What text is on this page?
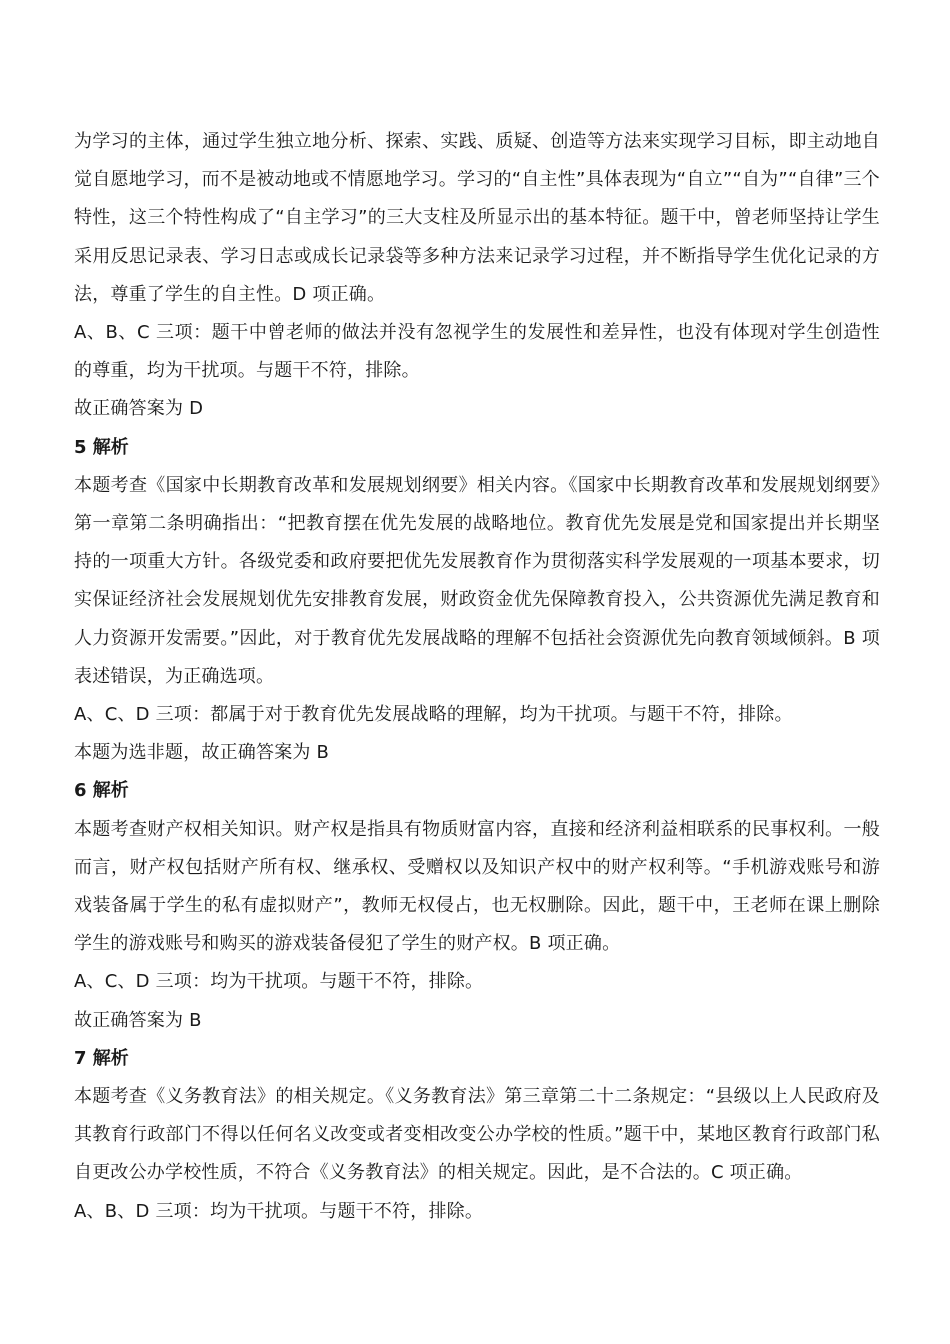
为学习的主体，通过学生独立地分析、探索、实践、质疑、创造等方法来实现学习目标，即主动地自觉自愿地学习，而不是被动地或不情愿地学习。学习的“自主性”具体表现为“自立”“自为”“自律”三个特性，这三个特性构成了“自主学习”的三大支柱及所显示出的基本特征。题干中，曾老师坚持让学生采用反思记录表、学习日志或成长记录袋等多种方法来记录学习过程，并不断指导学生优化记录的方法，尊重了学生的自主性。D 项正确。

A、B、C 三项：题干中曾老师的做法并没有忽视学生的发展性和差异性，也没有体现对学生创造性的尊重，均为干扰项。与题干不符，排除。

故正确答案为 D

5 解析

本题考查《国家中长期教育改革和发展规划纲要》相关内容。《国家中长期教育改革和发展规划纲要》第一章第二条明确指出：“把教育摆在优先发展的战略地位。教育优先发展是党和国家提出并长期坚持的一项重大方针。各级党委和政府要把优先发展教育作为贯彻落实科学发展观的一项基本要求，切实保证经济社会发展规划优先安排教育发展，财政资金优先保障教育投入，公共资源优先满足教育和人力资源开发需要。”因此，对于教育优先发展战略的理解不包括社会资源优先向教育领域倾斜。B 项表述错误，为正确选项。

A、C、D 三项：都属于对于教育优先发展战略的理解，均为干扰项。与题干不符，排除。

本题为选非题，故正确答案为 B

6 解析

本题考查财产权相关知识。财产权是指具有物质财富内容，直接和经济利益相联系的民事权利。一般而言，财产权包括财产所有权、继承权、受赠权以及知识产权中的财产权利等。“手机游戏账号和游戏装备属于学生的私有虚拟财产”，教师无权侵占，也无权删除。因此，题干中，王老师在课上删除学生的游戏账号和购买的游戏装备侵犯了学生的财产权。B 项正确。

A、C、D 三项：均为干扰项。与题干不符，排除。

故正确答案为 B

7 解析

本题考查《义务教育法》的相关规定。《义务教育法》第三章第二十二条规定：“县级以上人民政府及其教育行政部门不得以任何名义改变或者变相改变公办学校的性质。”题干中，某地区教育行政部门私自更改公办学校性质，不符合《义务教育法》的相关规定。因此，是不合法的。C 项正确。

A、B、D 三项：均为干扰项。与题干不符，排除。
